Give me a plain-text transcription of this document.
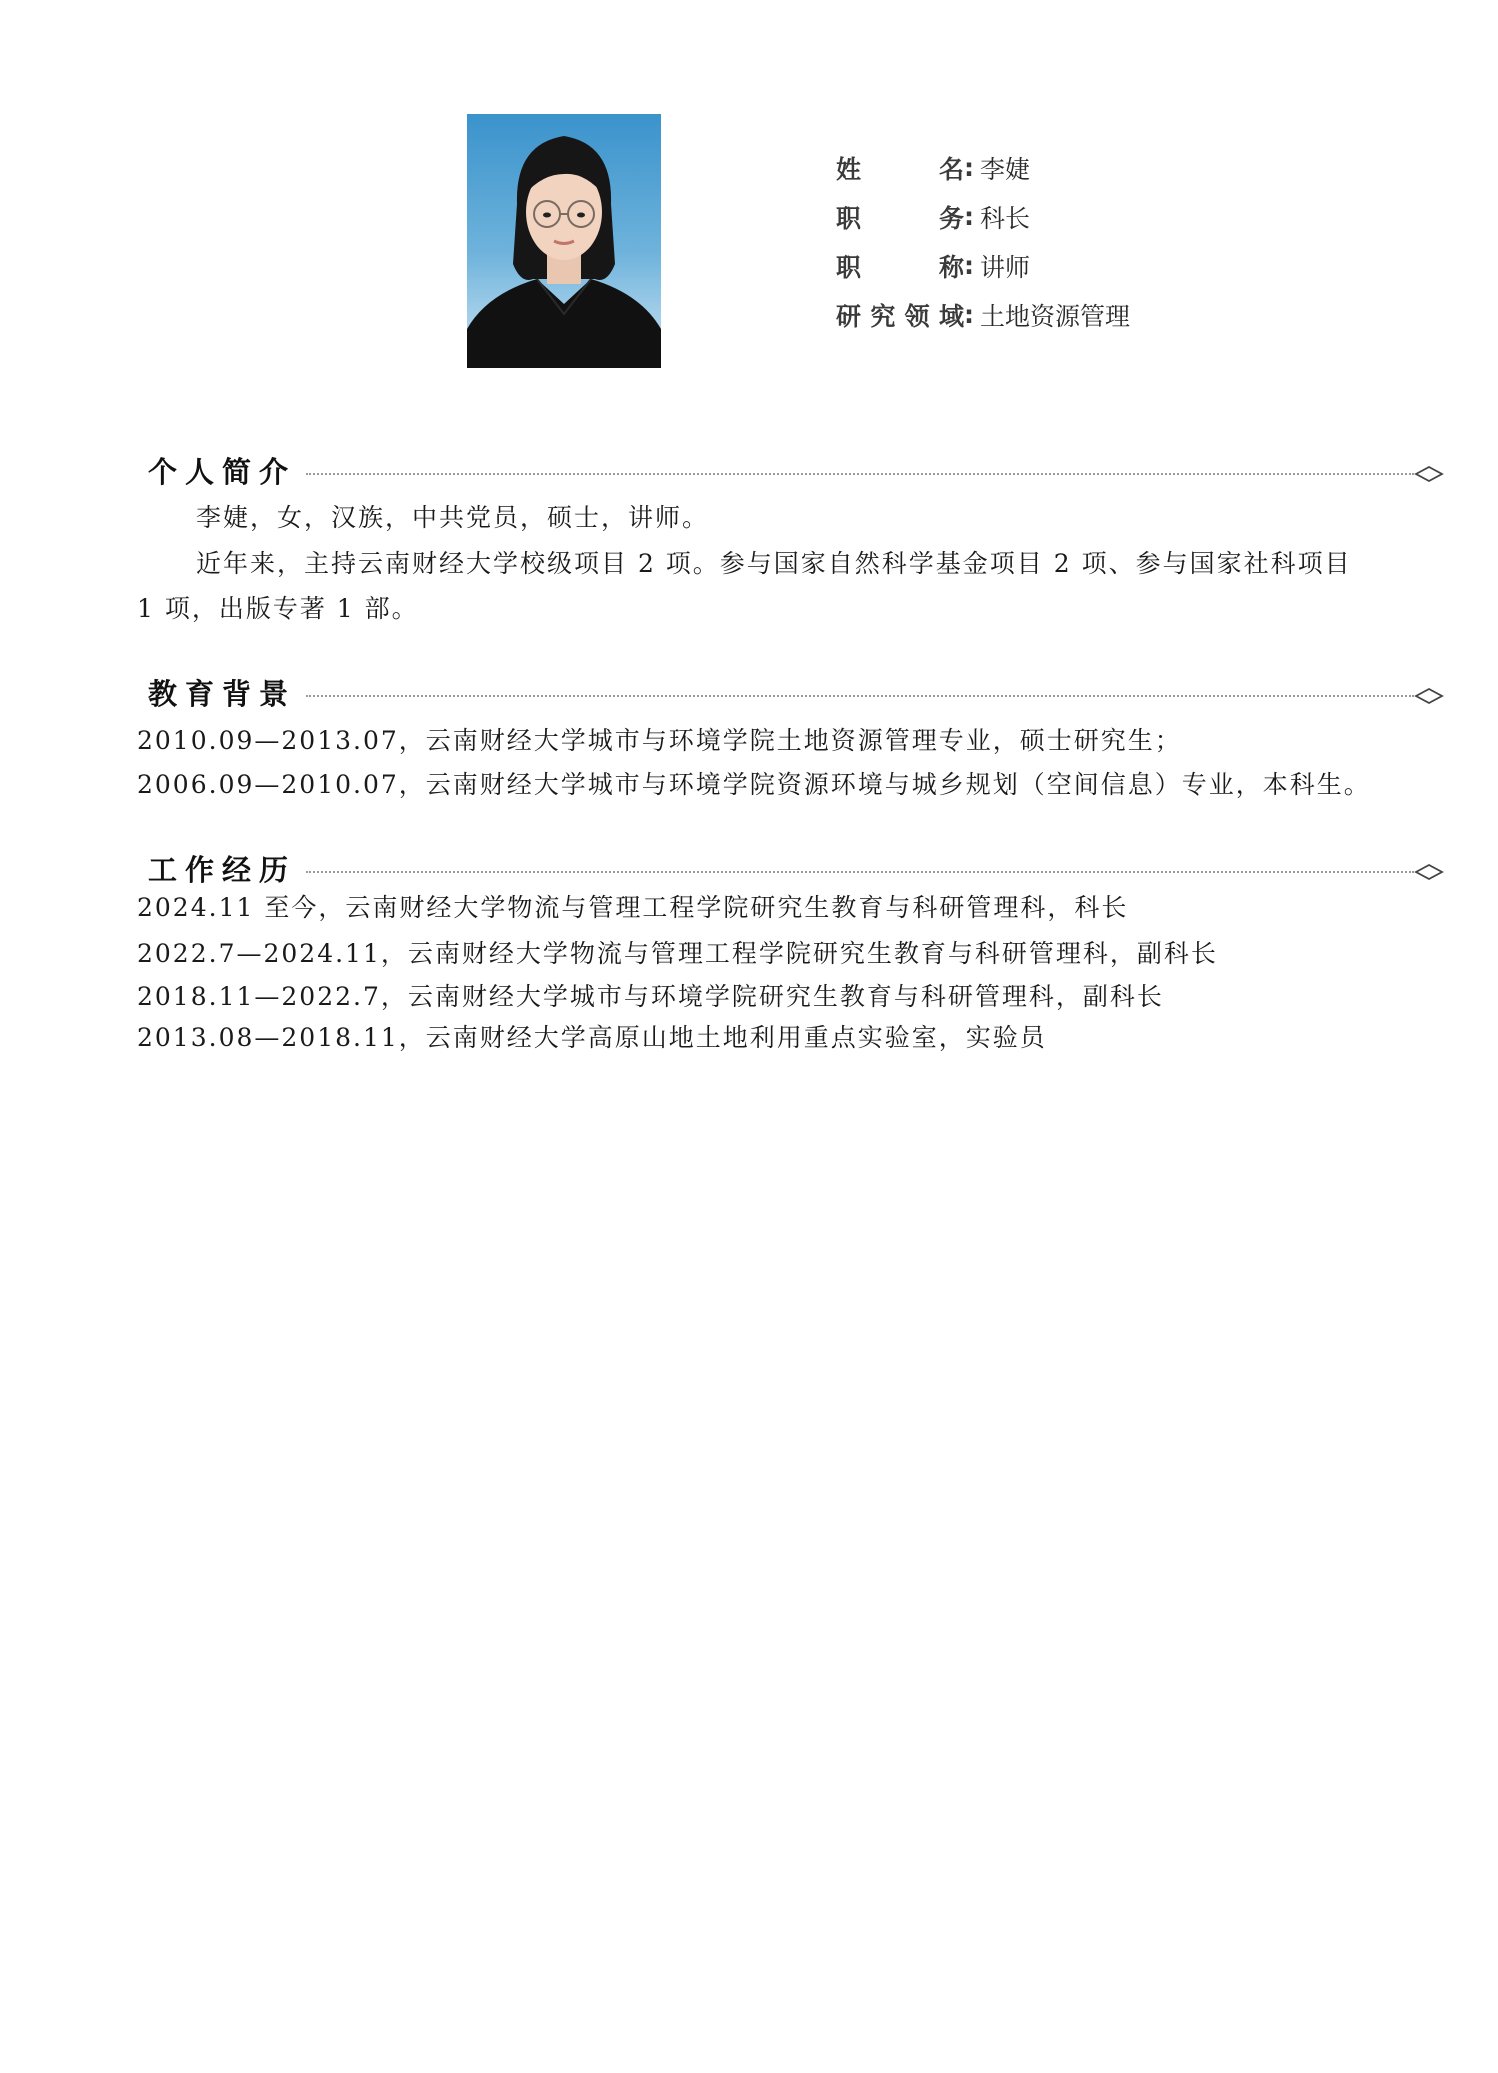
姓名 : 李婕
职务 : 科长
职称 : 讲师
研究领域 : 土地资源管理
个人简介
李婕，女，汉族，中共党员，硕士，讲师。
近年来，主持云南财经大学校级项目 2 项。参与国家自然科学基金项目 2 项、参与国家社科项目
1 项，出版专著 1 部。
教育背景
2010.09—2013.07，云南财经大学城市与环境学院土地资源管理专业，硕士研究生；
2006.09—2010.07，云南财经大学城市与环境学院资源环境与城乡规划（空间信息）专业，本科生。
工作经历
2024.11 至今，云南财经大学物流与管理工程学院研究生教育与科研管理科，科长
2022.7—2024.11，云南财经大学物流与管理工程学院研究生教育与科研管理科，副科长
2018.11—2022.7，云南财经大学城市与环境学院研究生教育与科研管理科，副科长
2013.08—2018.11，云南财经大学高原山地土地利用重点实验室，实验员
